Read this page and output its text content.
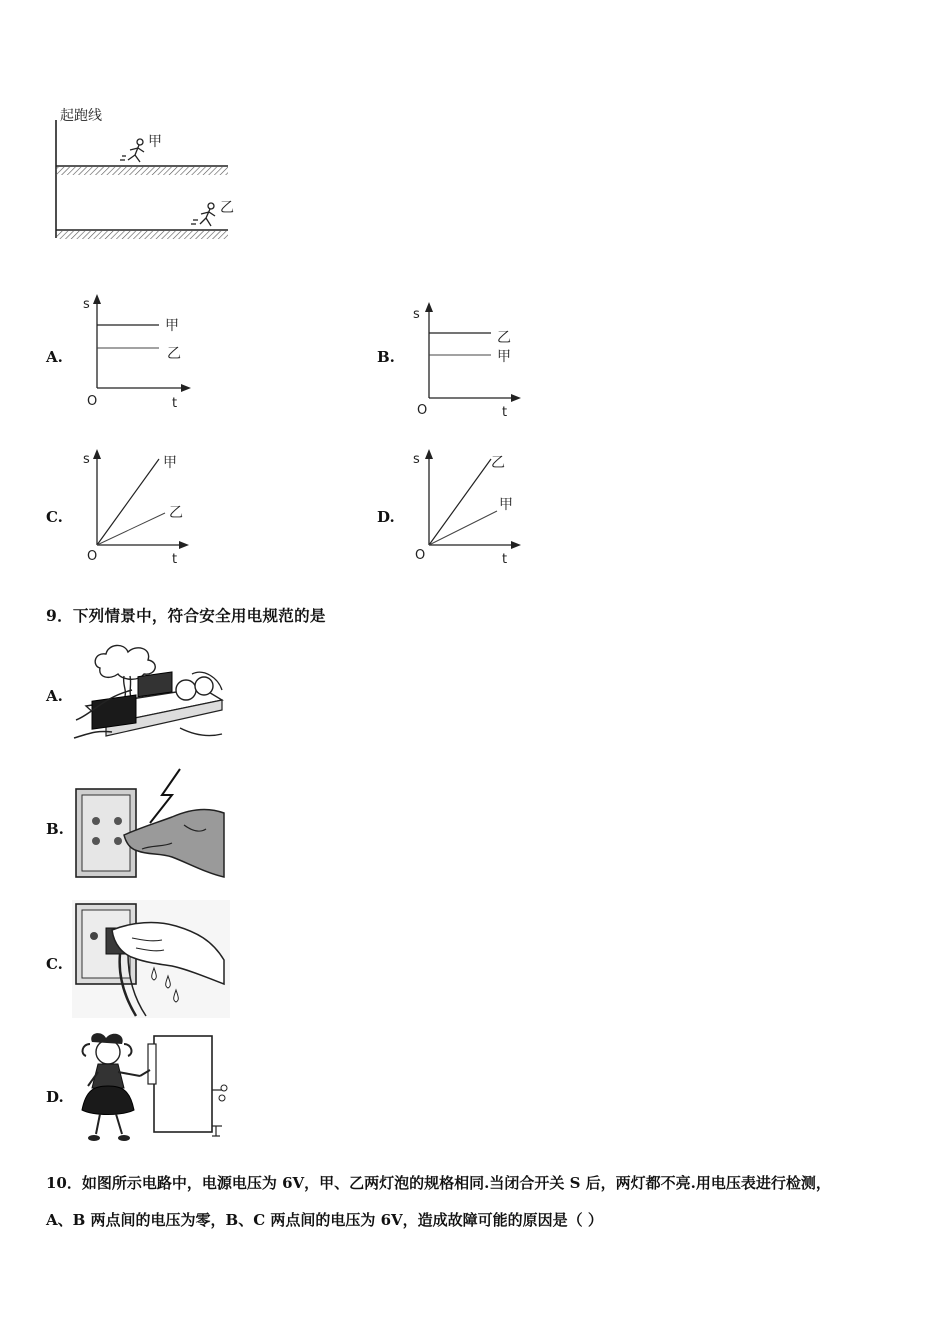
起跑线
甲
乙
A.
s
t
O
甲
乙	B.
s
t
O
乙
甲
C.
s
t
O
甲
乙	D.
s
t
O
乙
甲
9．下列情景中，符合安全用电规范的是
A.
B.
C.
D.
10．如图所示电路中，电源电压为 6V，甲、乙两灯泡的规格相同.当闭合开关 S 后，两灯都不亮.用电压表进行检测，
A、B 两点间的电压为零，B、C 两点间的电压为 6V，造成故障可能的原因是（ ）
